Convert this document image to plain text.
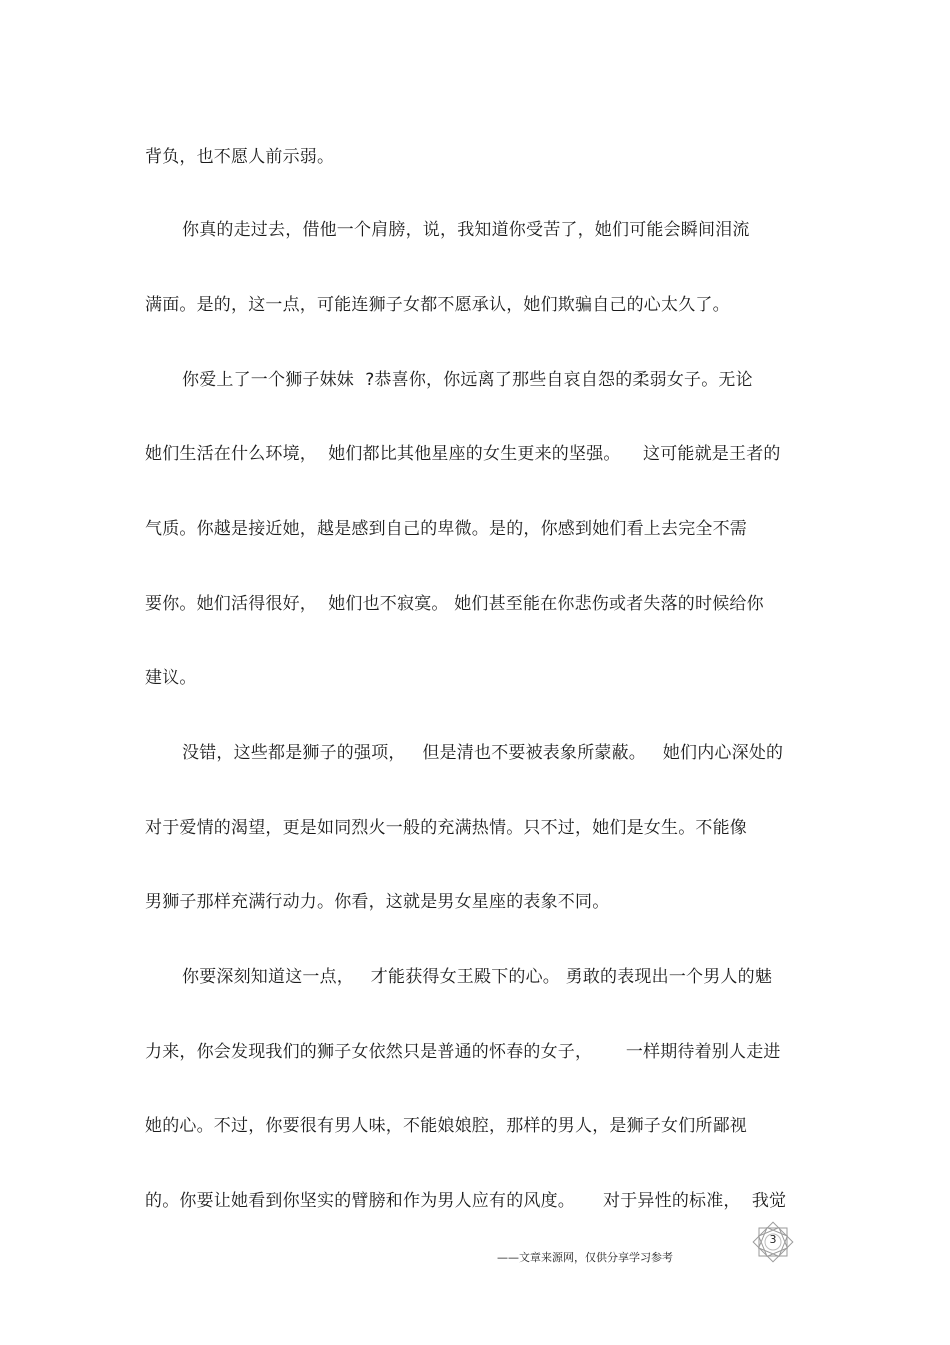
背负，也不愿人前示弱。
你真的走过去，借他一个肩膀，说，我知道你受苦了，她们可能会瞬间泪流
满面。是的，这一点，可能连狮子女都不愿承认，她们欺骗自己的心太久了。
你爱上了一个狮子妹妹  ?恭喜你，你远离了那些自哀自怨的柔弱女子。无论
她们生活在什么环境，  她们都比其他星座的女生更来的坚强。    这可能就是王者的
气质。你越是接近她，越是感到自己的卑微。是的，你感到她们看上去完全不需
要你。她们活得很好，  她们也不寂寞。 她们甚至能在你悲伤或者失落的时候给你
建议。
没错，这些都是狮子的强项，   但是清也不要被表象所蒙蔽。   她们内心深处的
对于爱情的渴望，更是如同烈火一般的充满热情。只不过，她们是女生。不能像
男狮子那样充满行动力。你看，这就是男女星座的表象不同。
你要深刻知道这一点，   才能获得女王殿下的心。 勇敢的表现出一个男人的魅
力来，你会发现我们的狮子女依然只是普通的怀春的女子，      一样期待着别人走进
她的心。不过，你要很有男人味，不能娘娘腔，那样的男人，是狮子女们所鄙视
的。你要让她看到你坚实的臂膀和作为男人应有的风度。     对于异性的标准，  我觉
——文章来源网，仅供分享学习参考
3
